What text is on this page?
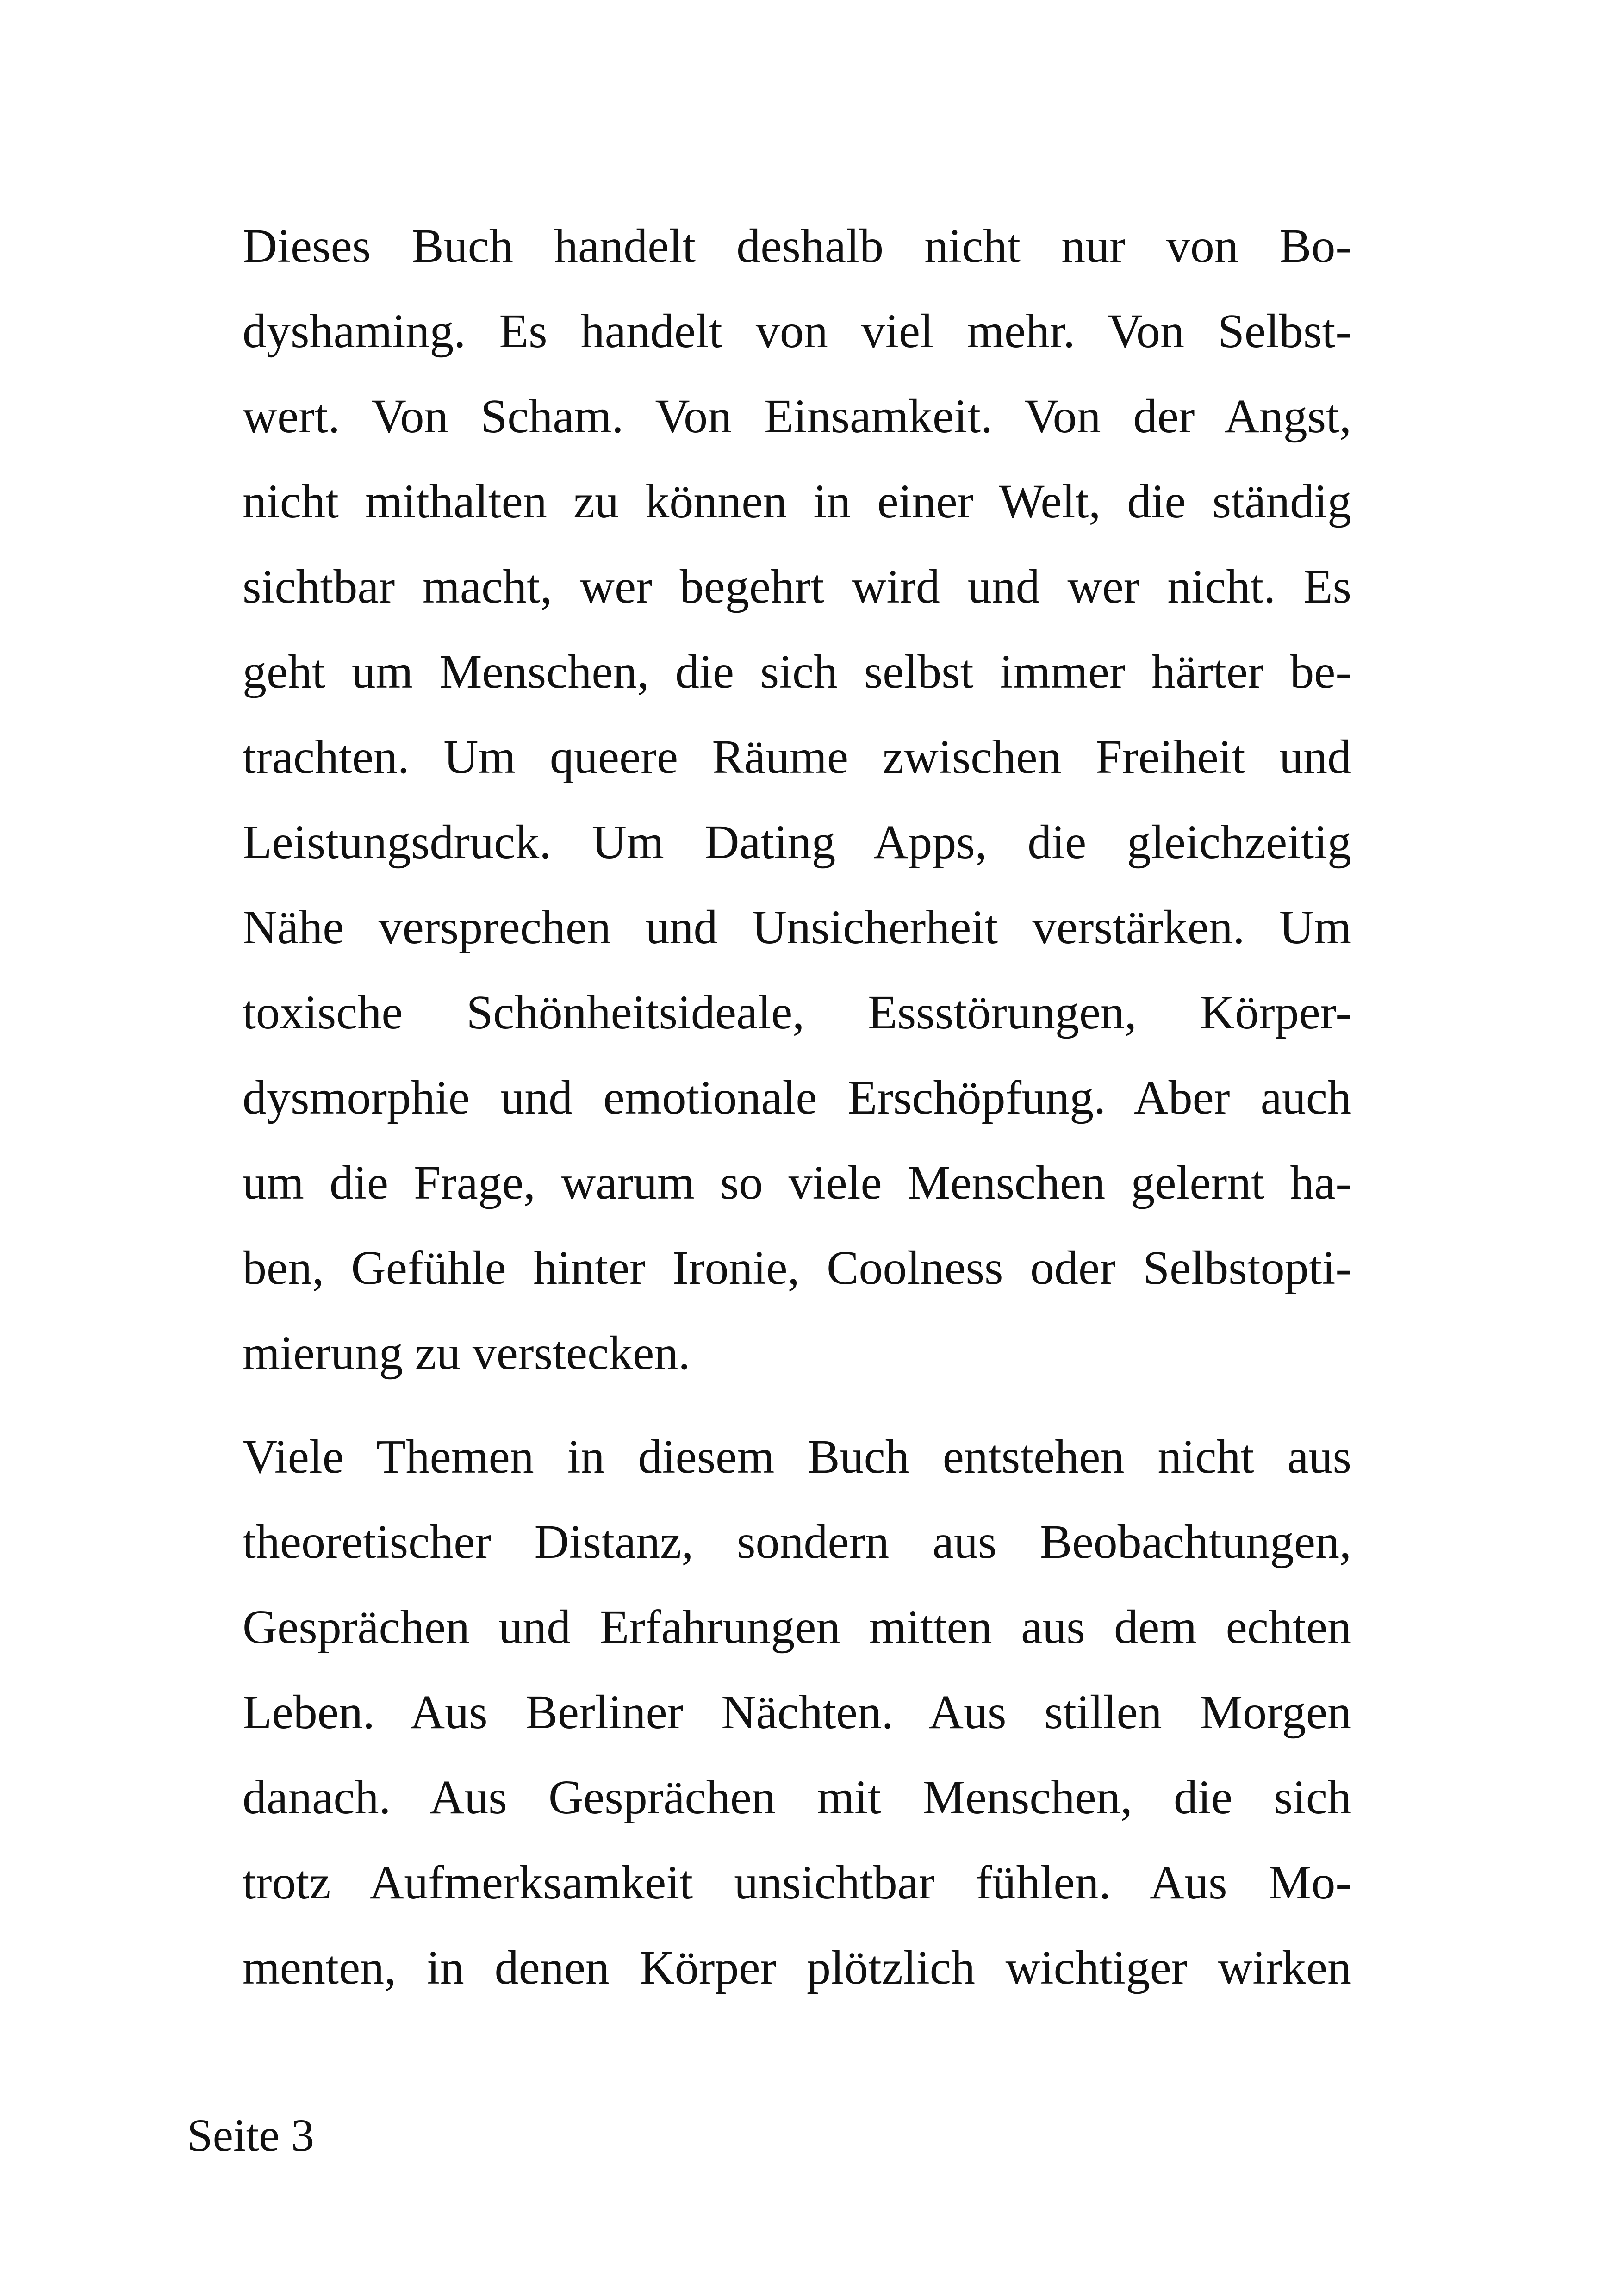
Dieses Buch handelt deshalb nicht nur von Bo-
dyshaming. Es handelt von viel mehr. Von Selbst-
wert. Von Scham. Von Einsamkeit. Von der Angst,
nicht mithalten zu können in einer Welt, die ständig
sichtbar macht, wer begehrt wird und wer nicht. Es
geht um Menschen, die sich selbst immer härter be-
trachten. Um queere Räume zwischen Freiheit und
Leistungsdruck. Um Dating Apps, die gleichzeitig
Nähe versprechen und Unsicherheit verstärken. Um
toxische Schönheitsideale, Essstörungen, Körper-
dysmorphie und emotionale Erschöpfung. Aber auch
um die Frage, warum so viele Menschen gelernt ha-
ben, Gefühle hinter Ironie, Coolness oder Selbstopti-
mierung zu verstecken.
Viele Themen in diesem Buch entstehen nicht aus
theoretischer Distanz, sondern aus Beobachtungen,
Gesprächen und Erfahrungen mitten aus dem echten
Leben. Aus Berliner Nächten. Aus stillen Morgen
danach. Aus Gesprächen mit Menschen, die sich
trotz Aufmerksamkeit unsichtbar fühlen. Aus Mo-
menten, in denen Körper plötzlich wichtiger wirken
Seite 3
